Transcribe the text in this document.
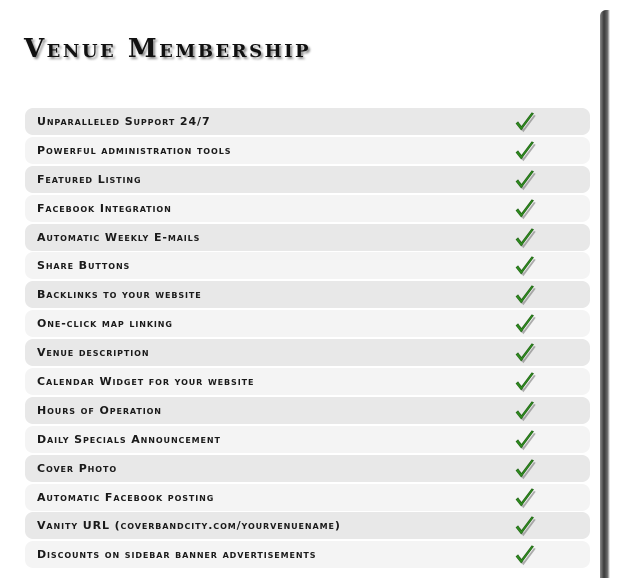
Venue Membership
Unparalleled Support 24/7
Powerful administration tools
Featured Listing
Facebook Integration
Automatic Weekly E-mails
Share Buttons
Backlinks to your website
One-click map linking
Venue description
Calendar Widget for your website
Hours of Operation
Daily Specials Announcement
Cover Photo
Automatic Facebook posting
Vanity URL (coverbandcity.com/yourvenuename)
Discounts on sidebar banner advertisements
